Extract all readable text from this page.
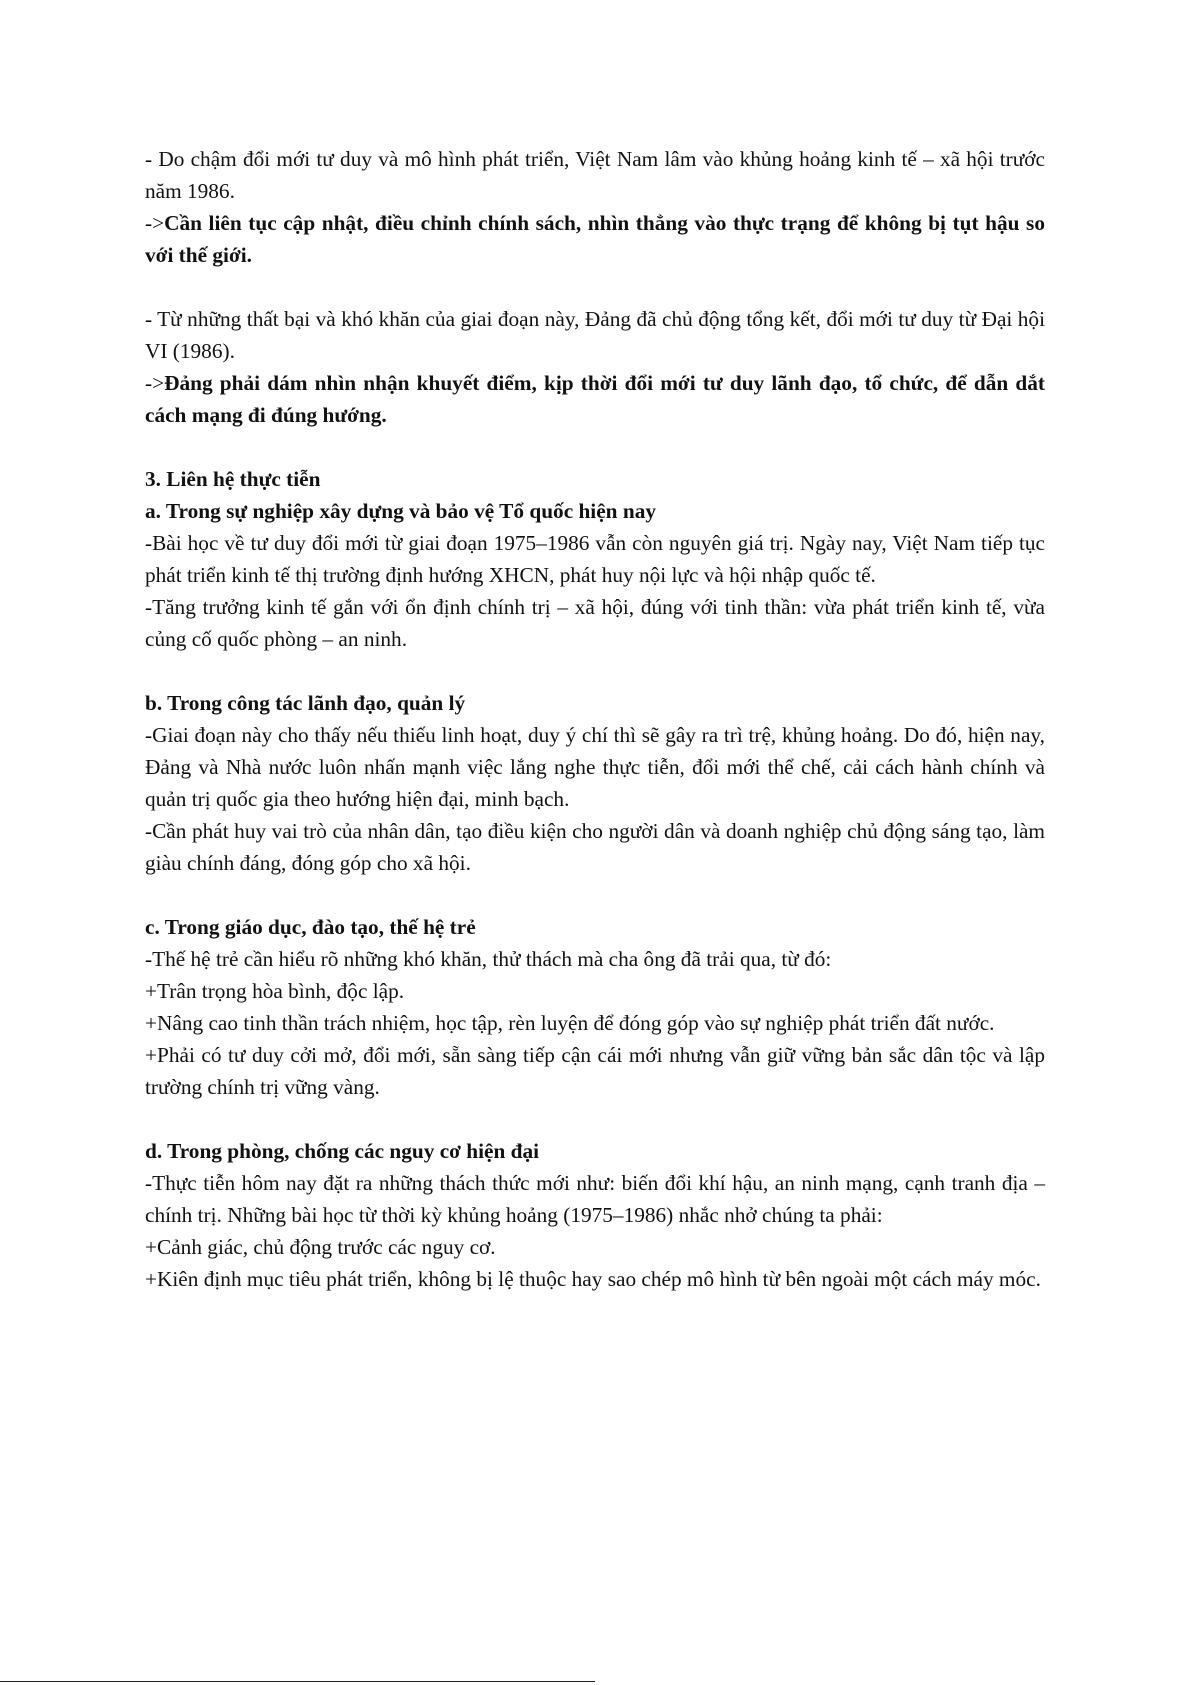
- Do chậm đổi mới tư duy và mô hình phát triển, Việt Nam lâm vào khủng hoảng kinh tế – xã hội trước năm 1986.

->Cần liên tục cập nhật, điều chỉnh chính sách, nhìn thẳng vào thực trạng để không bị tụt hậu so với thế giới.

- Từ những thất bại và khó khăn của giai đoạn này, Đảng đã chủ động tổng kết, đổi mới tư duy từ Đại hội VI (1986).

->Đảng phải dám nhìn nhận khuyết điểm, kịp thời đổi mới tư duy lãnh đạo, tổ chức, để dẫn dắt cách mạng đi đúng hướng.

3. Liên hệ thực tiễn

a. Trong sự nghiệp xây dựng và bảo vệ Tổ quốc hiện nay

-Bài học về tư duy đổi mới từ giai đoạn 1975–1986 vẫn còn nguyên giá trị. Ngày nay, Việt Nam tiếp tục phát triển kinh tế thị trường định hướng XHCN, phát huy nội lực và hội nhập quốc tế.

-Tăng trưởng kinh tế gắn với ổn định chính trị – xã hội, đúng với tinh thần: vừa phát triển kinh tế, vừa củng cố quốc phòng – an ninh.

b. Trong công tác lãnh đạo, quản lý

-Giai đoạn này cho thấy nếu thiếu linh hoạt, duy ý chí thì sẽ gây ra trì trệ, khủng hoảng. Do đó, hiện nay, Đảng và Nhà nước luôn nhấn mạnh việc lắng nghe thực tiễn, đổi mới thể chế, cải cách hành chính và quản trị quốc gia theo hướng hiện đại, minh bạch.

-Cần phát huy vai trò của nhân dân, tạo điều kiện cho người dân và doanh nghiệp chủ động sáng tạo, làm giàu chính đáng, đóng góp cho xã hội.

c. Trong giáo dục, đào tạo, thế hệ trẻ

-Thế hệ trẻ cần hiểu rõ những khó khăn, thử thách mà cha ông đã trải qua, từ đó:

+Trân trọng hòa bình, độc lập.

+Nâng cao tinh thần trách nhiệm, học tập, rèn luyện để đóng góp vào sự nghiệp phát triển đất nước.

+Phải có tư duy cởi mở, đổi mới, sẵn sàng tiếp cận cái mới nhưng vẫn giữ vững bản sắc dân tộc và lập trường chính trị vững vàng.

d. Trong phòng, chống các nguy cơ hiện đại

-Thực tiễn hôm nay đặt ra những thách thức mới như: biến đổi khí hậu, an ninh mạng, cạnh tranh địa – chính trị. Những bài học từ thời kỳ khủng hoảng (1975–1986) nhắc nhở chúng ta phải:

+Cảnh giác, chủ động trước các nguy cơ.

+Kiên định mục tiêu phát triển, không bị lệ thuộc hay sao chép mô hình từ bên ngoài một cách máy móc.
